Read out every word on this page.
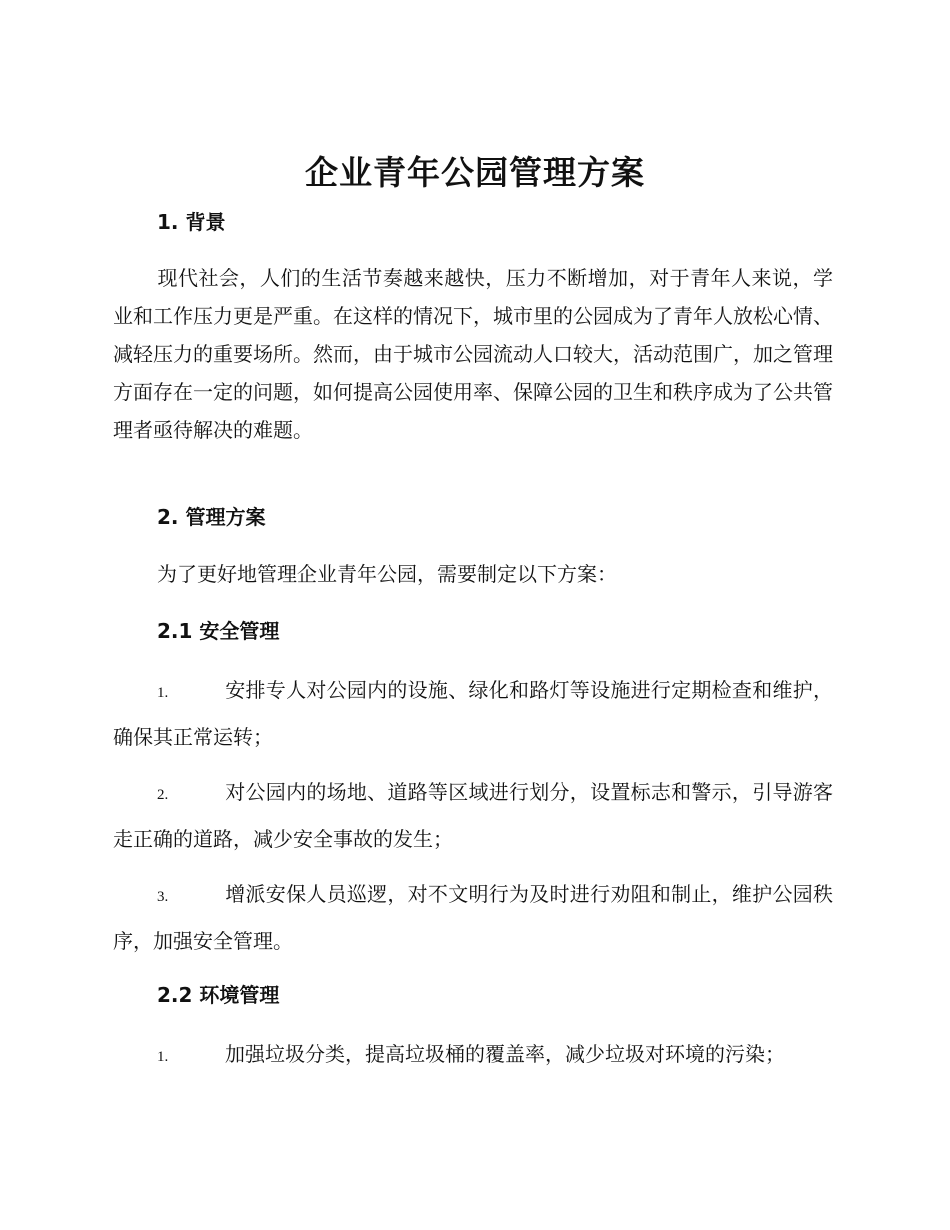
企业青年公园管理方案
1. 背景
现代社会，人们的生活节奏越来越快，压力不断增加，对于青年人来说，学业和工作压力更是严重。在这样的情况下，城市里的公园成为了青年人放松心情、减轻压力的重要场所。然而，由于城市公园流动人口较大，活动范围广，加之管理方面存在一定的问题，如何提高公园使用率、保障公园的卫生和秩序成为了公共管理者亟待解决的难题。
2. 管理方案
为了更好地管理企业青年公园，需要制定以下方案：
2.1 安全管理
1.	安排专人对公园内的设施、绿化和路灯等设施进行定期检查和维护，确保其正常运转；
2.	对公园内的场地、道路等区域进行划分，设置标志和警示，引导游客走正确的道路，减少安全事故的发生；
3.	增派安保人员巡逻，对不文明行为及时进行劝阻和制止，维护公园秩序，加强安全管理。
2.2 环境管理
1.	加强垃圾分类，提高垃圾桶的覆盖率，减少垃圾对环境的污染；
